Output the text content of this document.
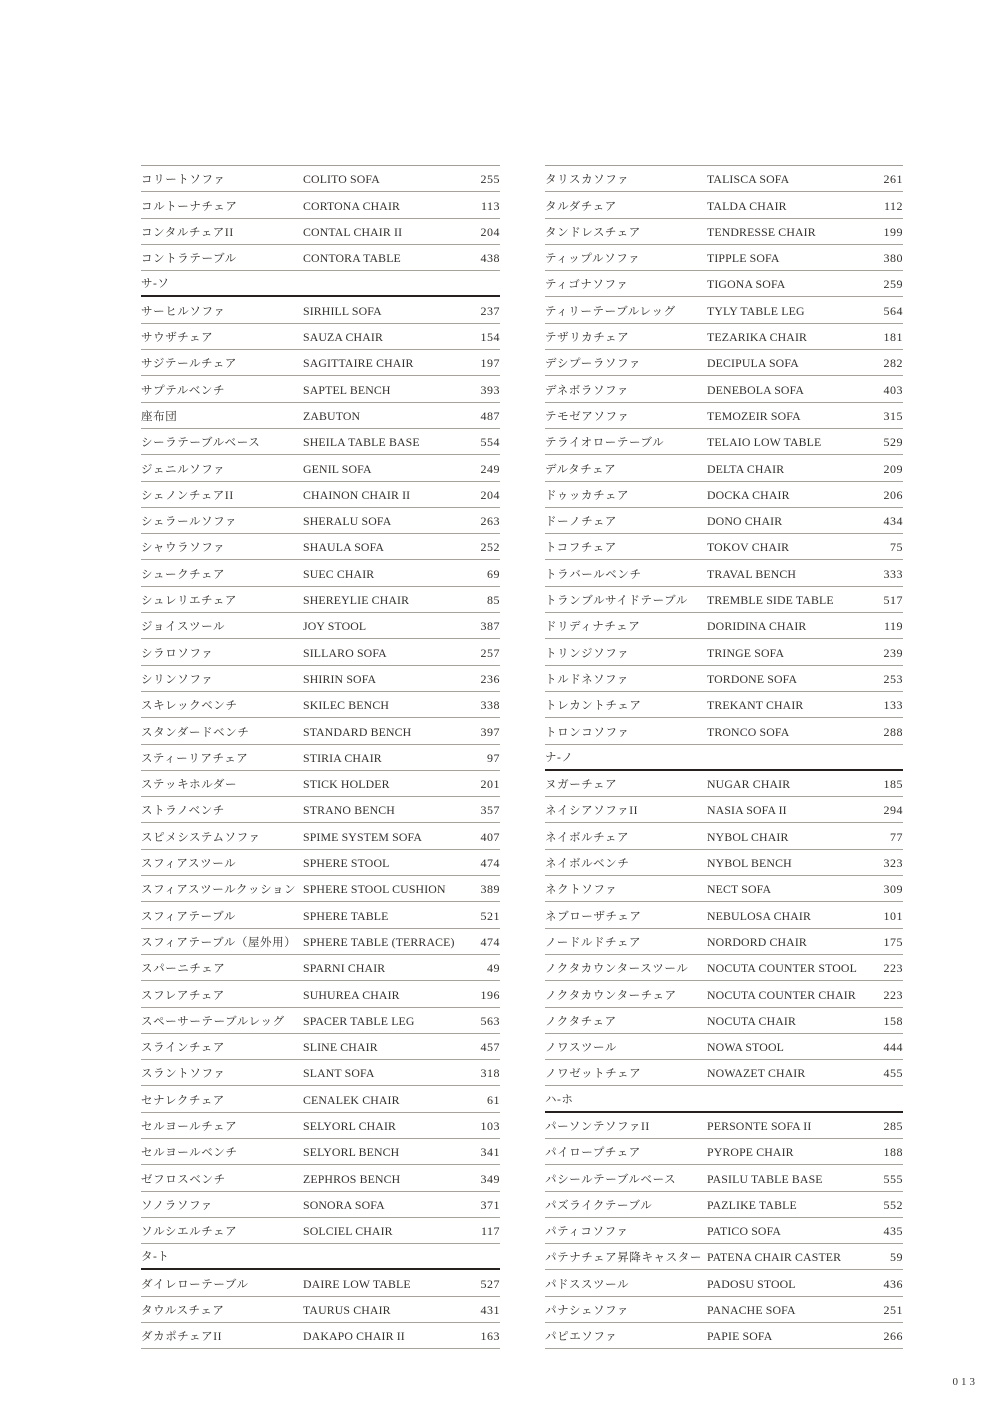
コリートソファ	COLITO SOFA	255
コルトーナチェア	CORTONA CHAIR	113
コンタルチェアII	CONTAL CHAIR II	204
コントラテーブル	CONTORA TABLE	438
サ-ソ
サーヒルソファ	SIRHILL SOFA	237
サウザチェア	SAUZA CHAIR	154
サジテールチェア	SAGITTAIRE CHAIR	197
サプテルベンチ	SAPTEL BENCH	393
座布団	ZABUTON	487
シーラテーブルベース	SHEILA TABLE BASE	554
ジェニルソファ	GENIL SOFA	249
シェノンチェアII	CHAINON CHAIR II	204
シェラールソファ	SHERALU SOFA	263
シャウラソファ	SHAULA SOFA	252
シュークチェア	SUEC CHAIR	69
シュレリエチェア	SHEREYLIE CHAIR	85
ジョイスツール	JOY STOOL	387
シラロソファ	SILLARO SOFA	257
シリンソファ	SHIRIN SOFA	236
スキレックベンチ	SKILEC BENCH	338
スタンダードベンチ	STANDARD BENCH	397
スティーリアチェア	STIRIA CHAIR	97
ステッキホルダー	STICK HOLDER	201
ストラノベンチ	STRANO BENCH	357
スピメシステムソファ	SPIME SYSTEM SOFA	407
スフィアスツール	SPHERE STOOL	474
スフィアスツールクッション SPHERE STOOL CUSHION	389
スフィアテーブル	SPHERE TABLE	521
スフィアテーブル（屋外用） SPHERE TABLE (TERRACE)	474
スパーニチェア	SPARNI CHAIR	49
スフレアチェア	SUHUREA CHAIR	196
スペーサーテーブルレッグ	SPACER TABLE LEG	563
スラインチェア	SLINE CHAIR	457
スラントソファ	SLANT SOFA	318
セナレクチェア	CENALEK CHAIR	61
セルヨールチェア	SELYORL CHAIR	103
セルヨールベンチ	SELYORL BENCH	341
ゼフロスベンチ	ZEPHROS BENCH	349
ソノラソファ	SONORA SOFA	371
ソルシエルチェア	SOLCIEL CHAIR	117
タ-ト
ダイレローテーブル	DAIRE LOW TABLE	527
タウルスチェア	TAURUS CHAIR	431
ダカポチェアII	DAKAPO CHAIR II	163
タリスカソファ	TALISCA SOFA	261
タルダチェア	TALDA CHAIR	112
タンドレスチェア	TENDRESSE CHAIR	199
ティップルソファ	TIPPLE SOFA	380
ティゴナソファ	TIGONA SOFA	259
ティリーテーブルレッグ	TYLY TABLE LEG	564
テザリカチェア	TEZARIKA CHAIR	181
デシプーラソファ	DECIPULA SOFA	282
デネボラソファ	DENEBOLA SOFA	403
テモゼアソファ	TEMOZEIR SOFA	315
テライオローテーブル	TELAIO LOW TABLE	529
デルタチェア	DELTA CHAIR	209
ドゥッカチェア	DOCKA CHAIR	206
ドーノチェア	DONO CHAIR	434
トコフチェア	TOKOV CHAIR	75
トラバールベンチ	TRAVAL BENCH	333
トランブルサイドテーブル	TREMBLE SIDE TABLE	517
ドリディナチェア	DORIDINA CHAIR	119
トリンジソファ	TRINGE SOFA	239
トルドネソファ	TORDONE SOFA	253
トレカントチェア	TREKANT CHAIR	133
トロンコソファ	TRONCO SOFA	288
ナ-ノ
ヌガーチェア	NUGAR CHAIR	185
ネイシアソファII	NASIA SOFA II	294
ネイボルチェア	NYBOL CHAIR	77
ネイボルベンチ	NYBOL BENCH	323
ネクトソファ	NECT SOFA	309
ネブローザチェア	NEBULOSA CHAIR	101
ノードルドチェア	NORDORD CHAIR	175
ノクタカウンタースツール	NOCUTA COUNTER STOOL	223
ノクタカウンターチェア	NOCUTA COUNTER CHAIR	223
ノクタチェア	NOCUTA CHAIR	158
ノワスツール	NOWA STOOL	444
ノワゼットチェア	NOWAZET CHAIR	455
ハ-ホ
パーソンテソファII	PERSONTE SOFA II	285
パイロープチェア	PYROPE CHAIR	188
パシールテーブルベース	PASILU TABLE BASE	555
パズライクテーブル	PAZLIKE TABLE	552
パティコソファ	PATICO SOFA	435
パテナチェア昇降キャスター PATENA CHAIR CASTER	59
パドススツール	PADOSU STOOL	436
パナシェソファ	PANACHE SOFA	251
パピエソファ	PAPIE SOFA	266
013
